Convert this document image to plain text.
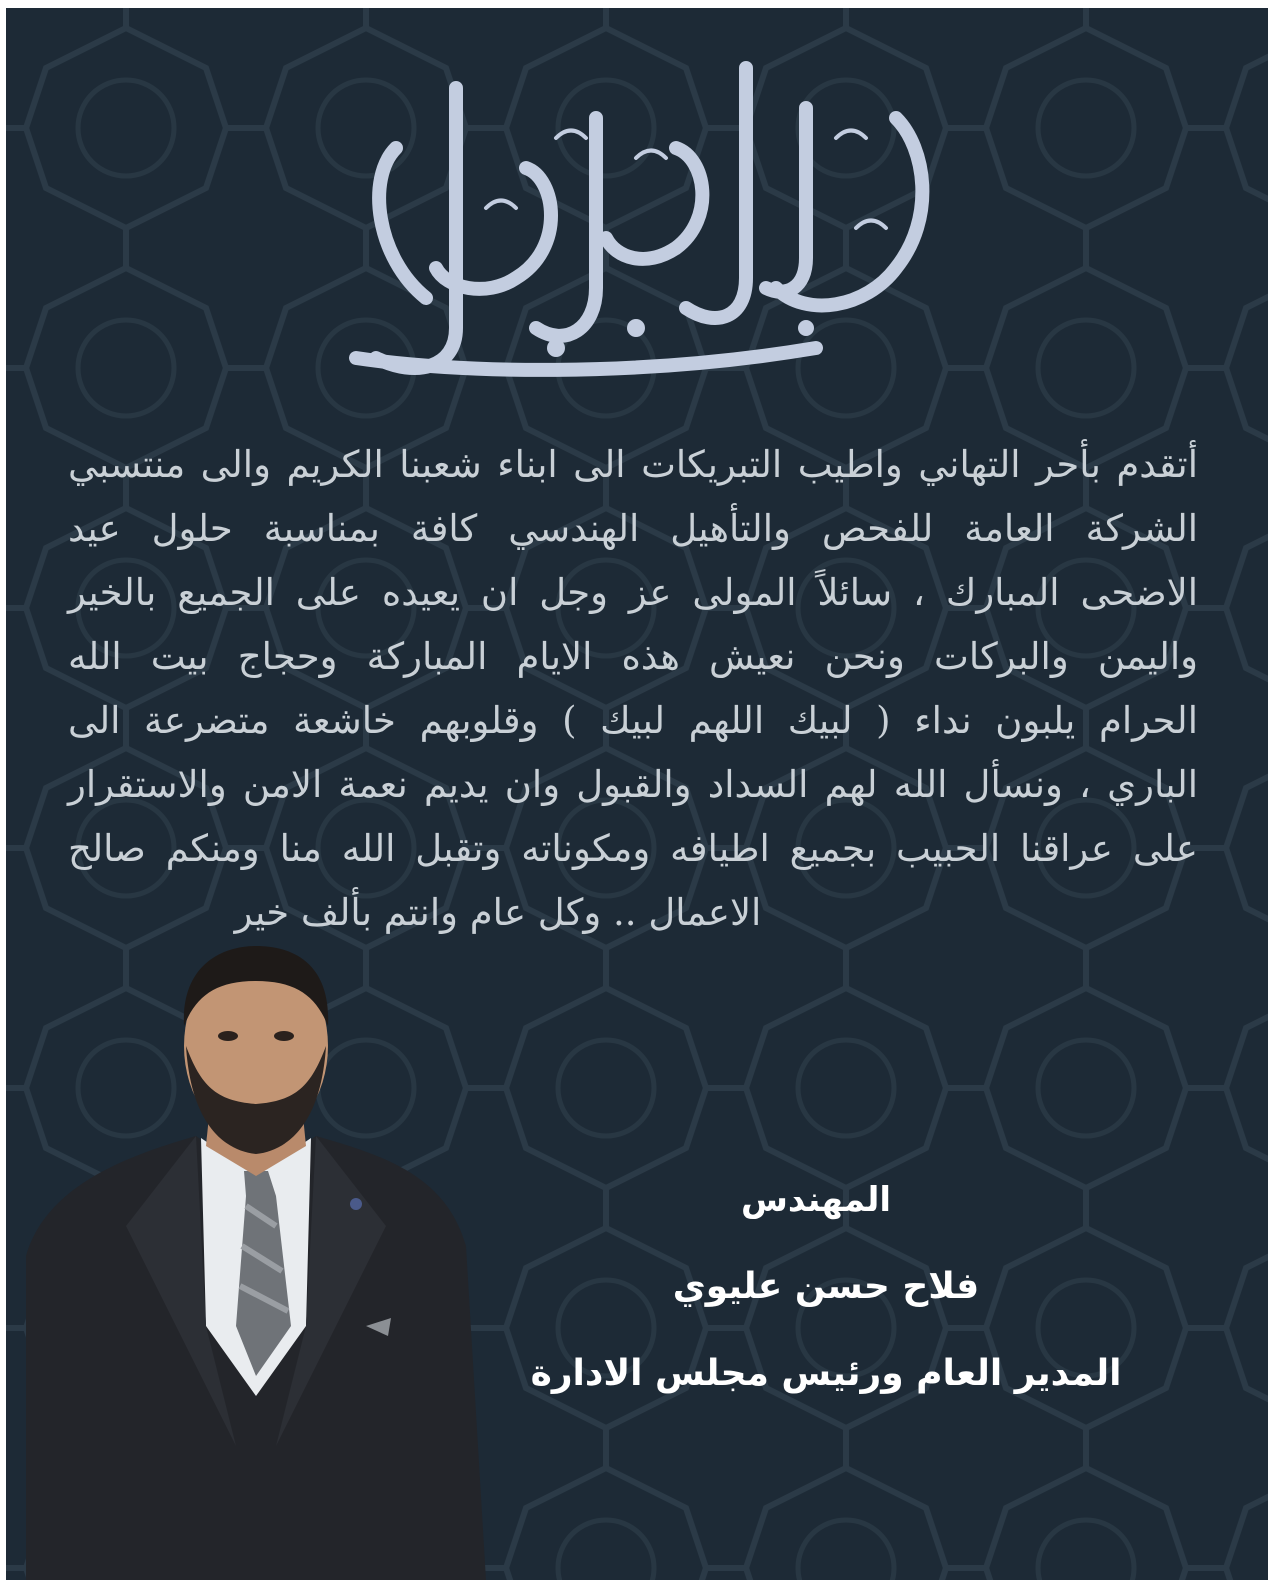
أتقدم بأحر التهاني واطيب التبريكات الى ابناء شعبنا الكريم والى منتسبي
الشركة العامة للفحص والتأهيل الهندسي كافة بمناسبة حلول عيد
الاضحى المبارك ، سائلاً المولى عز وجل ان يعيده على الجميع بالخير
واليمن والبركات ونحن نعيش هذه الايام المباركة وحجاج بيت الله
الحرام يلبون نداء ( لبيك اللهم لبيك ) وقلوبهم خاشعة متضرعة الى
الباري ، ونسأل الله لهم السداد والقبول وان يديم نعمة الامن والاستقرار
على عراقنا الحبيب بجميع اطيافه ومكوناته وتقبل الله منا ومنكم صالح
الاعمال .. وكل عام وانتم بألف خير

المهندس
فلاح حسن عليوي
المدير العام ورئيس مجلس الادارة
